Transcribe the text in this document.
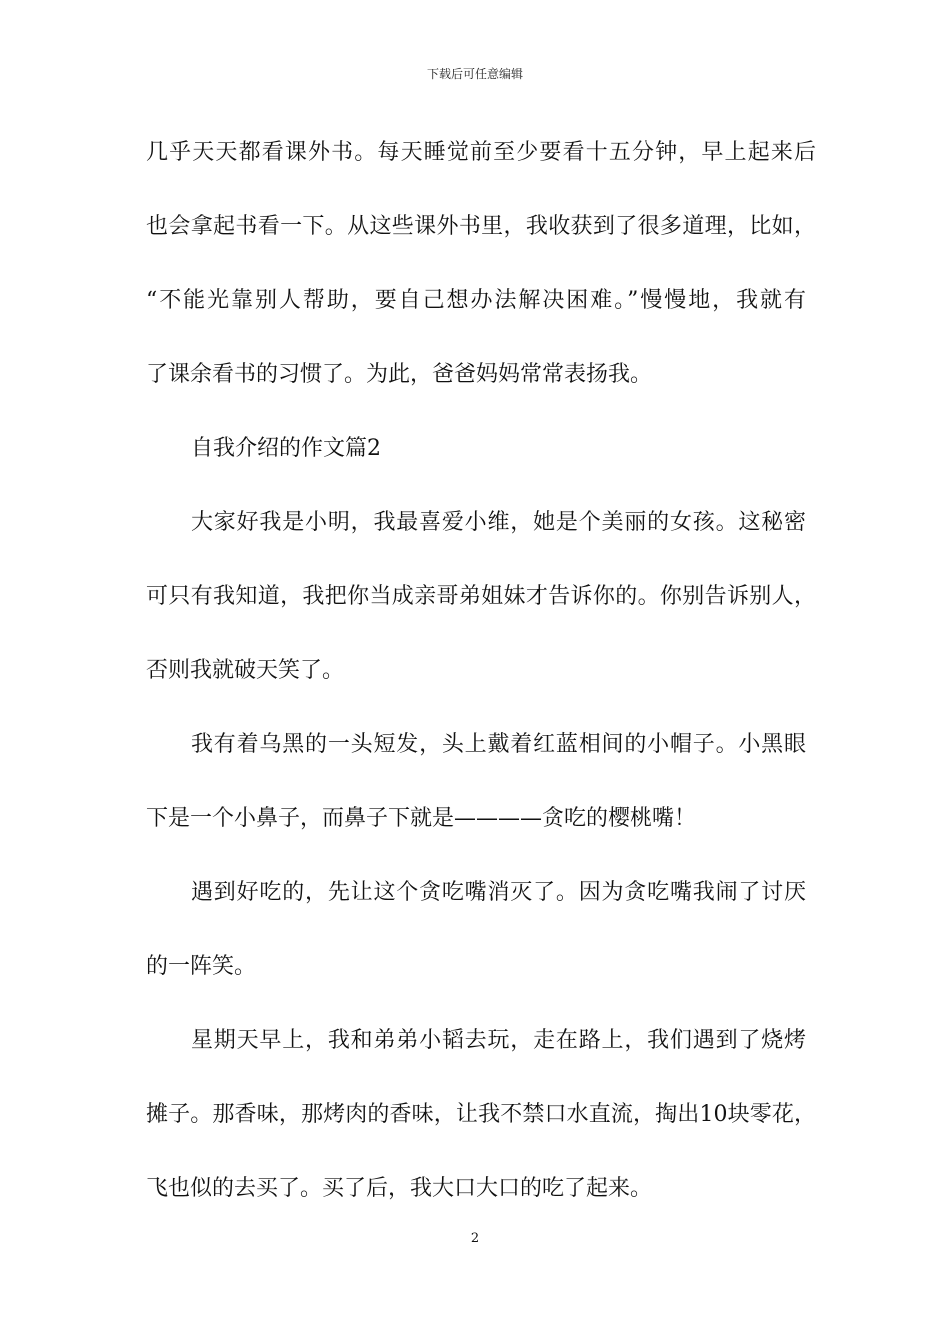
下载后可任意编辑
几乎天天都看课外书。每天睡觉前至少要看十五分钟，早上起来后
也会拿起书看一下。从这些课外书里，我收获到了很多道理，比如，
“不能光靠别人帮助，要自己想办法解决困难。”慢慢地，我就有
了课余看书的习惯了。为此，爸爸妈妈常常表扬我。
自我介绍的作文篇2
大家好我是小明，我最喜爱小维，她是个美丽的女孩。这秘密
可只有我知道，我把你当成亲哥弟姐妹才告诉你的。你别告诉别人，
否则我就破天笑了。
我有着乌黑的一头短发，头上戴着红蓝相间的小帽子。小黑眼
下是一个小鼻子，而鼻子下就是————贪吃的樱桃嘴！
遇到好吃的，先让这个贪吃嘴消灭了。因为贪吃嘴我闹了讨厌
的一阵笑。
星期天早上，我和弟弟小韬去玩，走在路上，我们遇到了烧烤
摊子。那香味，那烤肉的香味，让我不禁口水直流，掏出10块零花，
飞也似的去买了。买了后，我大口大口的吃了起来。
2
